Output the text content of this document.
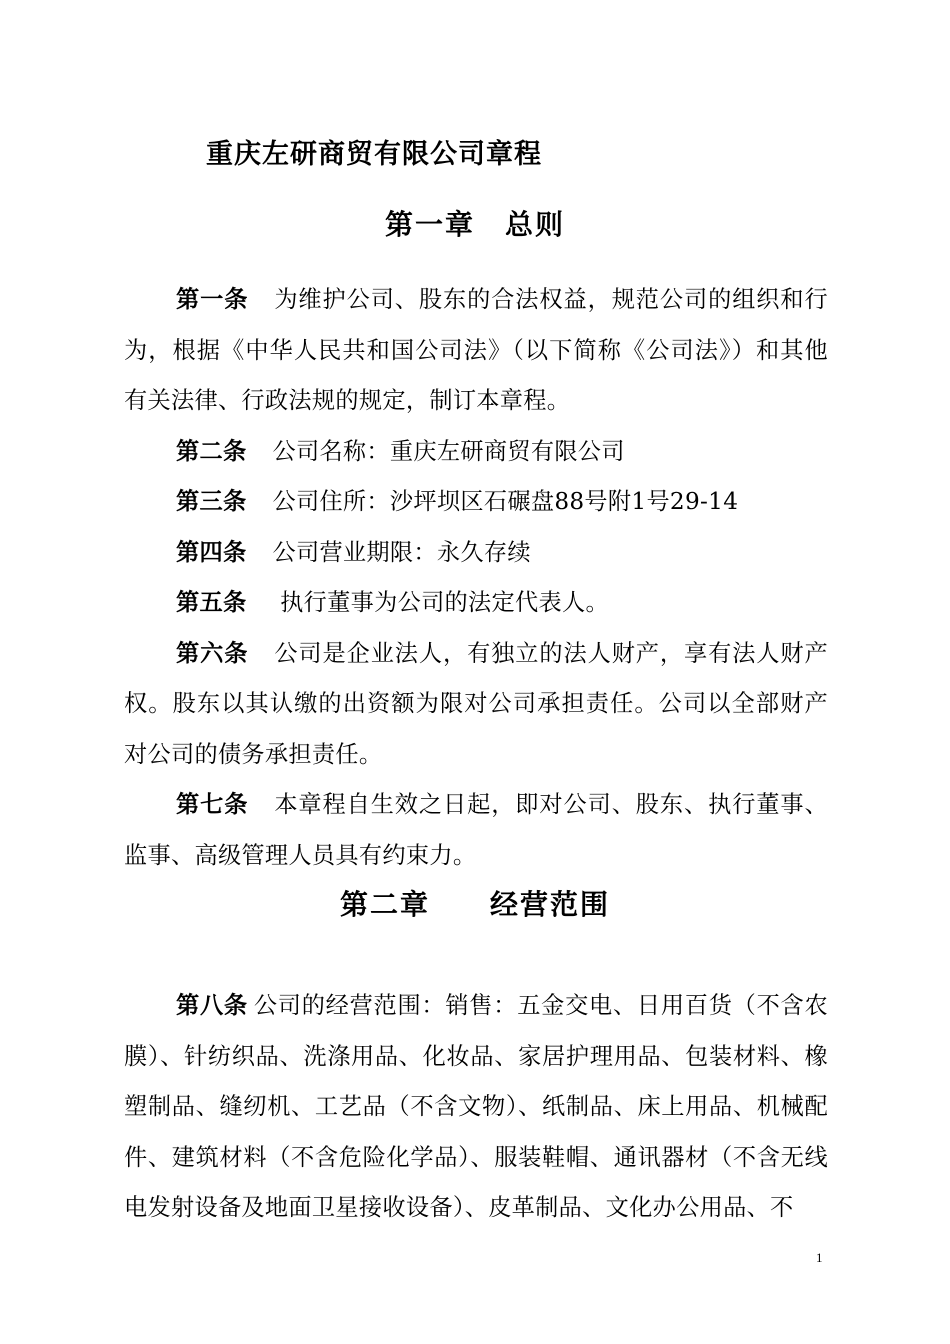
重庆左研商贸有限公司章程
第一章　总则

第一条 为维护公司、股东的合法权益，规范公司的组织和行为，根据《中华人民共和国公司法》（以下简称《公司法》）和其他有关法律、行政法规的规定，制订本章程。

第二条 公司名称：重庆左研商贸有限公司

第三条 公司住所：沙坪坝区石碾盘88号附1号29-14

第四条 公司营业期限：永久存续

第五条 执行董事为公司的法定代表人。

第六条 公司是企业法人，有独立的法人财产，享有法人财产权。股东以其认缴的出资额为限对公司承担责任。公司以全部财产对公司的债务承担责任。

第七条 本章程自生效之日起，即对公司、股东、执行董事、监事、高级管理人员具有约束力。

第八条 公司的经营范围：销售：五金交电、日用百货（不含农膜）、针纺织品、洗涤用品、化妆品、家居护理用品、包装材料、橡塑制品、缝纫机、工艺品（不含文物）、纸制品、床上用品、机械配件、建筑材料（不含危险化学品）、服装鞋帽、通讯器材（不含无线电发射设备及地面卫星接收设备）、皮革制品、文化办公用品、不

第二章　　经营范围
1
